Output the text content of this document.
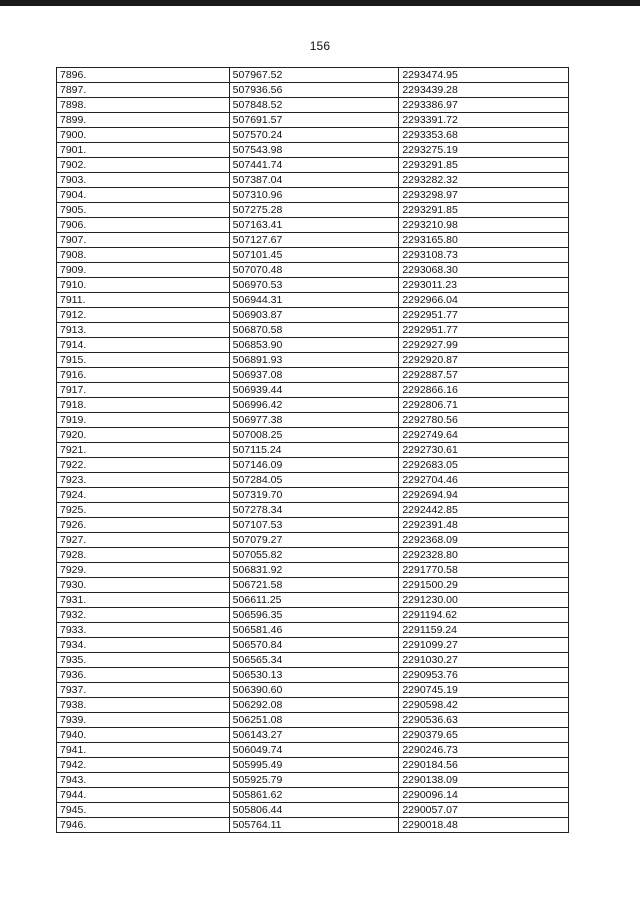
156
7896.	507967.52	2293474.95
7897.	507936.56	2293439.28
7898.	507848.52	2293386.97
7899.	507691.57	2293391.72
7900.	507570.24	2293353.68
7901.	507543.98	2293275.19
7902.	507441.74	2293291.85
7903.	507387.04	2293282.32
7904.	507310.96	2293298.97
7905.	507275.28	2293291.85
7906.	507163.41	2293210.98
7907.	507127.67	2293165.80
7908.	507101.45	2293108.73
7909.	507070.48	2293068.30
7910.	506970.53	2293011.23
7911.	506944.31	2292966.04
7912.	506903.87	2292951.77
7913.	506870.58	2292951.77
7914.	506853.90	2292927.99
7915.	506891.93	2292920.87
7916.	506937.08	2292887.57
7917.	506939.44	2292866.16
7918.	506996.42	2292806.71
7919.	506977.38	2292780.56
7920.	507008.25	2292749.64
7921.	507115.24	2292730.61
7922.	507146.09	2292683.05
7923.	507284.05	2292704.46
7924.	507319.70	2292694.94
7925.	507278.34	2292442.85
7926.	507107.53	2292391.48
7927.	507079.27	2292368.09
7928.	507055.82	2292328.80
7929.	506831.92	2291770.58
7930.	506721.58	2291500.29
7931.	506611.25	2291230.00
7932.	506596.35	2291194.62
7933.	506581.46	2291159.24
7934.	506570.84	2291099.27
7935.	506565.34	2291030.27
7936.	506530.13	2290953.76
7937.	506390.60	2290745.19
7938.	506292.08	2290598.42
7939.	506251.08	2290536.63
7940.	506143.27	2290379.65
7941.	506049.74	2290246.73
7942.	505995.49	2290184.56
7943.	505925.79	2290138.09
7944.	505861.62	2290096.14
7945.	505806.44	2290057.07
7946.	505764.11	2290018.48
